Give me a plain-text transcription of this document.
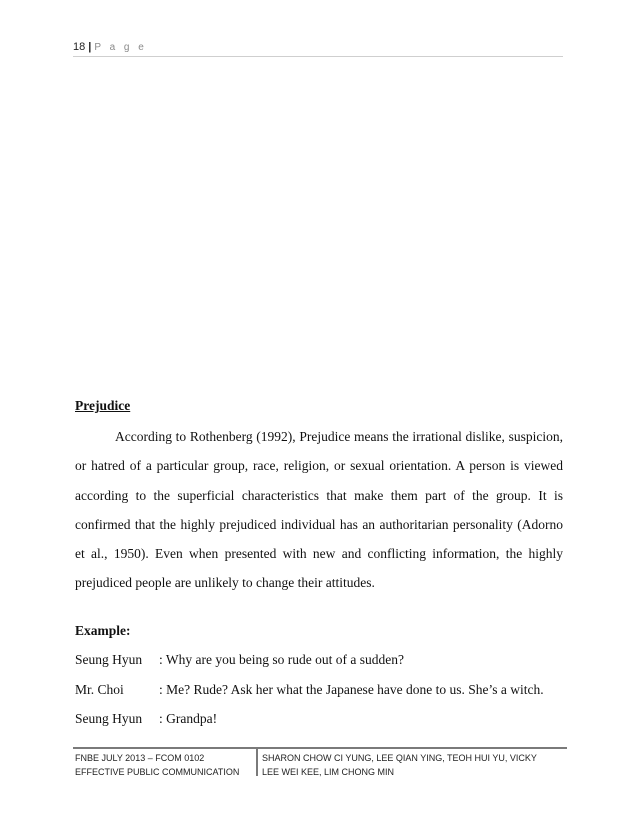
18 | P a g e
Prejudice

According to Rothenberg (1992), Prejudice means the irrational dislike, suspicion, or hatred of a particular group, race, religion, or sexual orientation. A person is viewed according to the superficial characteristics that make them part of the group. It is confirmed that the highly prejudiced individual has an authoritarian personality (Adorno et al., 1950). Even when presented with new and conflicting information, the highly prejudiced people are unlikely to change their attitudes.

Example:
Seung Hyun : Why are you being so rude out of a sudden?
Mr. Choi	: Me? Rude? Ask her what the Japanese have done to us. She’s a witch.
Seung Hyun : Grandpa!
FNBE JULY 2013 – FCOM 0102
EFFECTIVE PUBLIC COMMUNICATION
SHARON CHOW CI YUNG, LEE QIAN YING, TEOH HUI YU, VICKY
LEE WEI KEE, LIM CHONG MIN
